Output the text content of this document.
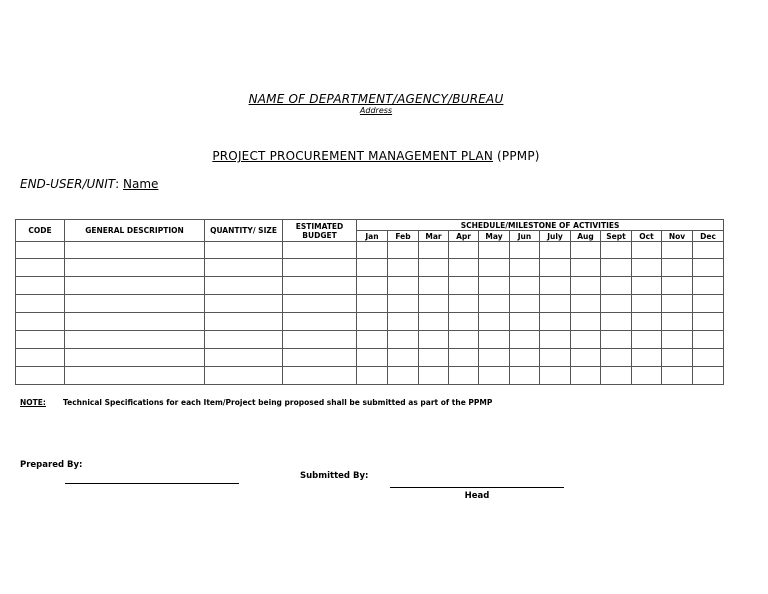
NAME OF DEPARTMENT/AGENCY/BUREAU
Address
PROJECT PROCUREMENT MANAGEMENT PLAN (PPMP)
END-USER/UNIT: Name
CODE	GENERAL DESCRIPTION	QUANTITY/ SIZE	ESTIMATED BUDGET	SCHEDULE/MILESTONE OF ACTIVITIES											
				Jan	Feb	Mar	Apr	May	Jun	July	Aug	Sept	Oct	Nov	Dec

NOTE: Technical Specifications for each Item/Project being proposed shall be submitted as part of the PPMP
Prepared By:
Submitted By:
Head
